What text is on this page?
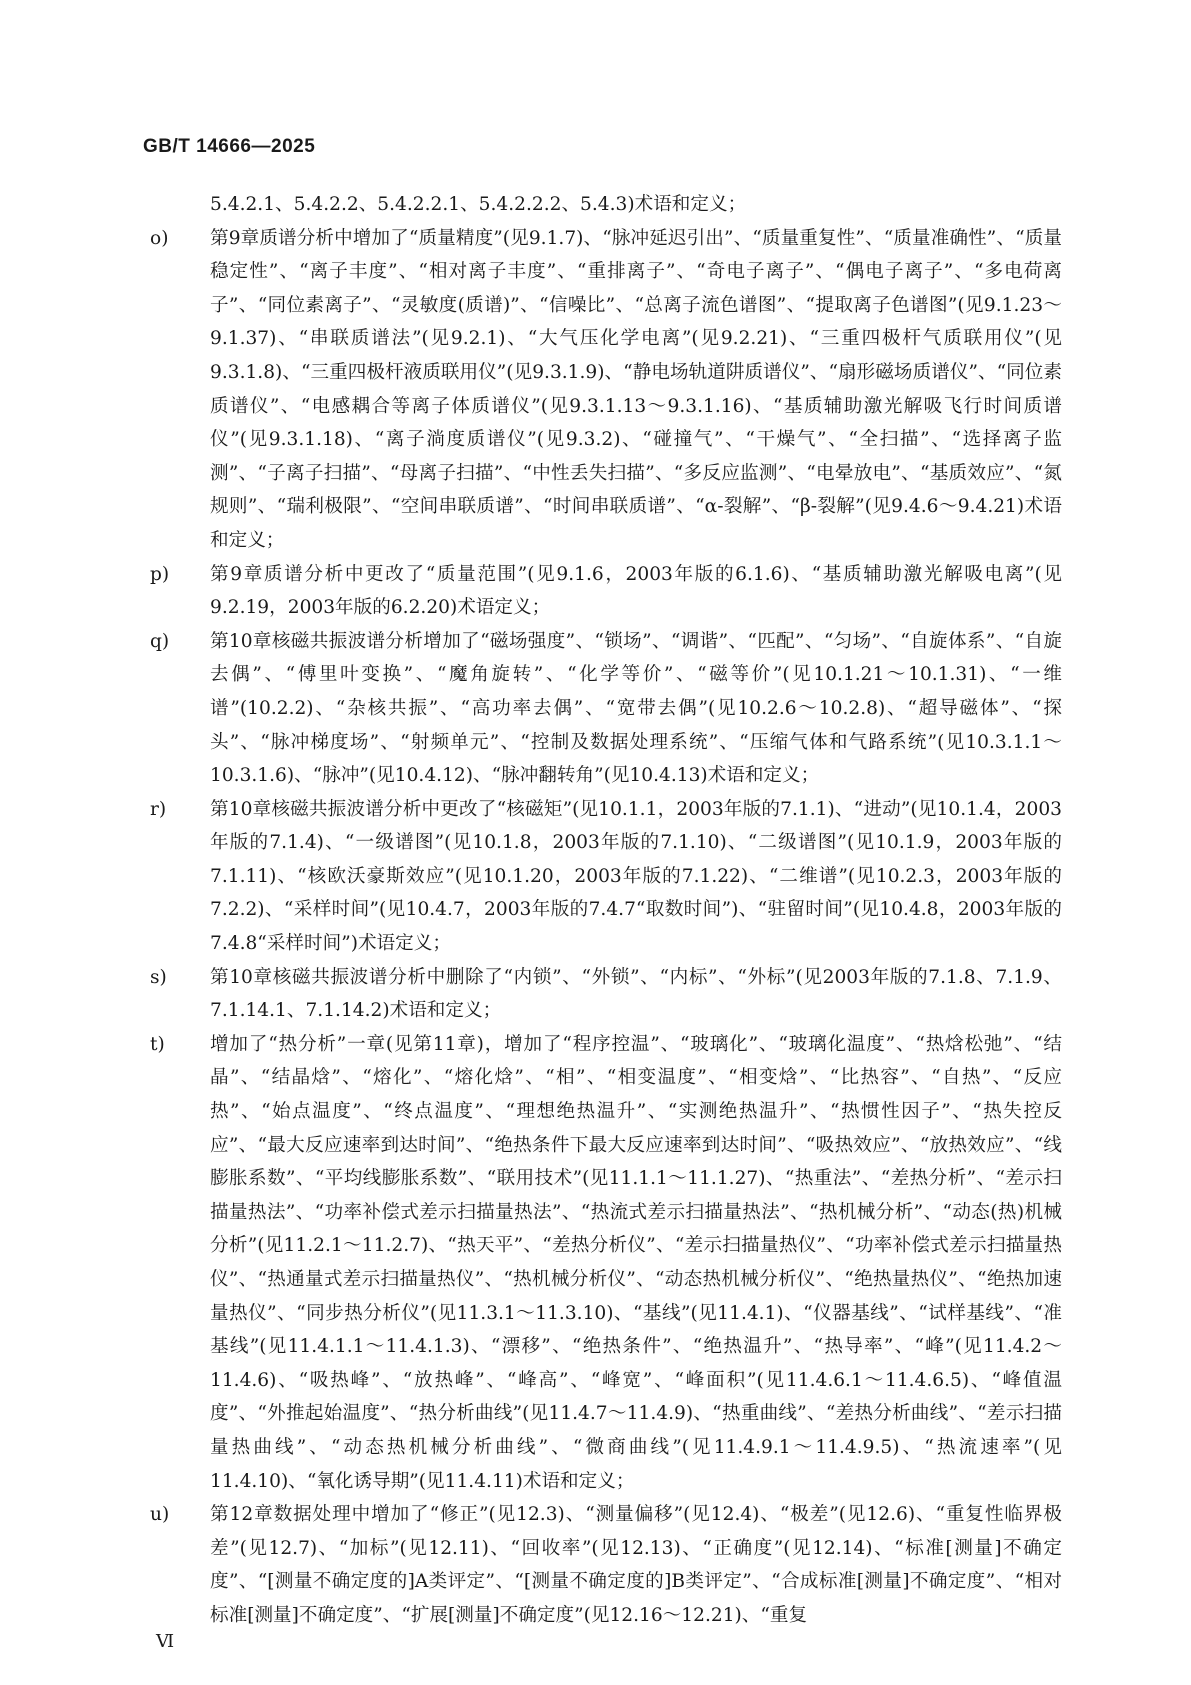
GB/T 14666—2025
5.4.2.1、5.4.2.2、5.4.2.2.1、5.4.2.2.2、5.4.3)术语和定义；
o)	第9章质谱分析中增加了“质量精度”(见9.1.7)、“脉冲延迟引出”、“质量重复性”、“质量准确性”、“质量稳定性”、“离子丰度”、“相对离子丰度”、“重排离子”、“奇电子离子”、“偶电子离子”、“多电荷离子”、“同位素离子”、“灵敏度(质谱)”、“信噪比”、“总离子流色谱图”、“提取离子色谱图”(见9.1.23～9.1.37)、“串联质谱法”(见9.2.1)、“大气压化学电离”(见9.2.21)、“三重四极杆气质联用仪”(见9.3.1.8)、“三重四极杆液质联用仪”(见9.3.1.9)、“静电场轨道阱质谱仪”、“扇形磁场质谱仪”、“同位素质谱仪”、“电感耦合等离子体质谱仪”(见9.3.1.13～9.3.1.16)、“基质辅助激光解吸飞行时间质谱仪”(见9.3.1.18)、“离子淌度质谱仪”(见9.3.2)、“碰撞气”、“干燥气”、“全扫描”、“选择离子监测”、“子离子扫描”、“母离子扫描”、“中性丢失扫描”、“多反应监测”、“电晕放电”、“基质效应”、“氮规则”、“瑞利极限”、“空间串联质谱”、“时间串联质谱”、“α-裂解”、“β-裂解”(见9.4.6～9.4.21)术语和定义；
p)	第9章质谱分析中更改了“质量范围”(见9.1.6，2003年版的6.1.6)、“基质辅助激光解吸电离”(见9.2.19，2003年版的6.2.20)术语定义；
q)	第10章核磁共振波谱分析增加了“磁场强度”、“锁场”、“调谐”、“匹配”、“匀场”、“自旋体系”、“自旋去偶”、“傅里叶变换”、“魔角旋转”、“化学等价”、“磁等价”(见10.1.21～10.1.31)、“一维谱”(10.2.2)、“杂核共振”、“高功率去偶”、“宽带去偶”(见10.2.6～10.2.8)、“超导磁体”、“探头”、“脉冲梯度场”、“射频单元”、“控制及数据处理系统”、“压缩气体和气路系统”(见10.3.1.1～10.3.1.6)、“脉冲”(见10.4.12)、“脉冲翻转角”(见10.4.13)术语和定义；
r)	第10章核磁共振波谱分析中更改了“核磁矩”(见10.1.1，2003年版的7.1.1)、“进动”(见10.1.4，2003年版的7.1.4)、“一级谱图”(见10.1.8，2003年版的7.1.10)、“二级谱图”(见10.1.9，2003年版的7.1.11)、“核欧沃豪斯效应”(见10.1.20，2003年版的7.1.22)、“二维谱”(见10.2.3，2003年版的7.2.2)、“采样时间”(见10.4.7，2003年版的7.4.7“取数时间”)、“驻留时间”(见10.4.8，2003年版的7.4.8“采样时间”)术语定义；
s)	第10章核磁共振波谱分析中删除了“内锁”、“外锁”、“内标”、“外标”(见2003年版的7.1.8、7.1.9、7.1.14.1、7.1.14.2)术语和定义；
t)	增加了“热分析”一章(见第11章)，增加了“程序控温”、“玻璃化”、“玻璃化温度”、“热焓松弛”、“结晶”、“结晶焓”、“熔化”、“熔化焓”、“相”、“相变温度”、“相变焓”、“比热容”、“自热”、“反应热”、“始点温度”、“终点温度”、“理想绝热温升”、“实测绝热温升”、“热惯性因子”、“热失控反应”、“最大反应速率到达时间”、“绝热条件下最大反应速率到达时间”、“吸热效应”、“放热效应”、“线膨胀系数”、“平均线膨胀系数”、“联用技术”(见11.1.1～11.1.27)、“热重法”、“差热分析”、“差示扫描量热法”、“功率补偿式差示扫描量热法”、“热流式差示扫描量热法”、“热机械分析”、“动态(热)机械分析”(见11.2.1～11.2.7)、“热天平”、“差热分析仪”、“差示扫描量热仪”、“功率补偿式差示扫描量热仪”、“热通量式差示扫描量热仪”、“热机械分析仪”、“动态热机械分析仪”、“绝热量热仪”、“绝热加速量热仪”、“同步热分析仪”(见11.3.1～11.3.10)、“基线”(见11.4.1)、“仪器基线”、“试样基线”、“准基线”(见11.4.1.1～11.4.1.3)、“漂移”、“绝热条件”、“绝热温升”、“热导率”、“峰”(见11.4.2～11.4.6)、“吸热峰”、“放热峰”、“峰高”、“峰宽”、“峰面积”(见11.4.6.1～11.4.6.5)、“峰值温度”、“外推起始温度”、“热分析曲线”(见11.4.7～11.4.9)、“热重曲线”、“差热分析曲线”、“差示扫描量热曲线”、“动态热机械分析曲线”、“微商曲线”(见11.4.9.1～11.4.9.5)、“热流速率”(见11.4.10)、“氧化诱导期”(见11.4.11)术语和定义；
u)	第12章数据处理中增加了“修正”(见12.3)、“测量偏移”(见12.4)、“极差”(见12.6)、“重复性临界极差”(见12.7)、“加标”(见12.11)、“回收率”(见12.13)、“正确度”(见12.14)、“标准[测量]不确定度”、“[测量不确定度的]A类评定”、“[测量不确定度的]B类评定”、“合成标准[测量]不确定度”、“相对标准[测量]不确定度”、“扩展[测量]不确定度”(见12.16～12.21)、“重复
Ⅵ
